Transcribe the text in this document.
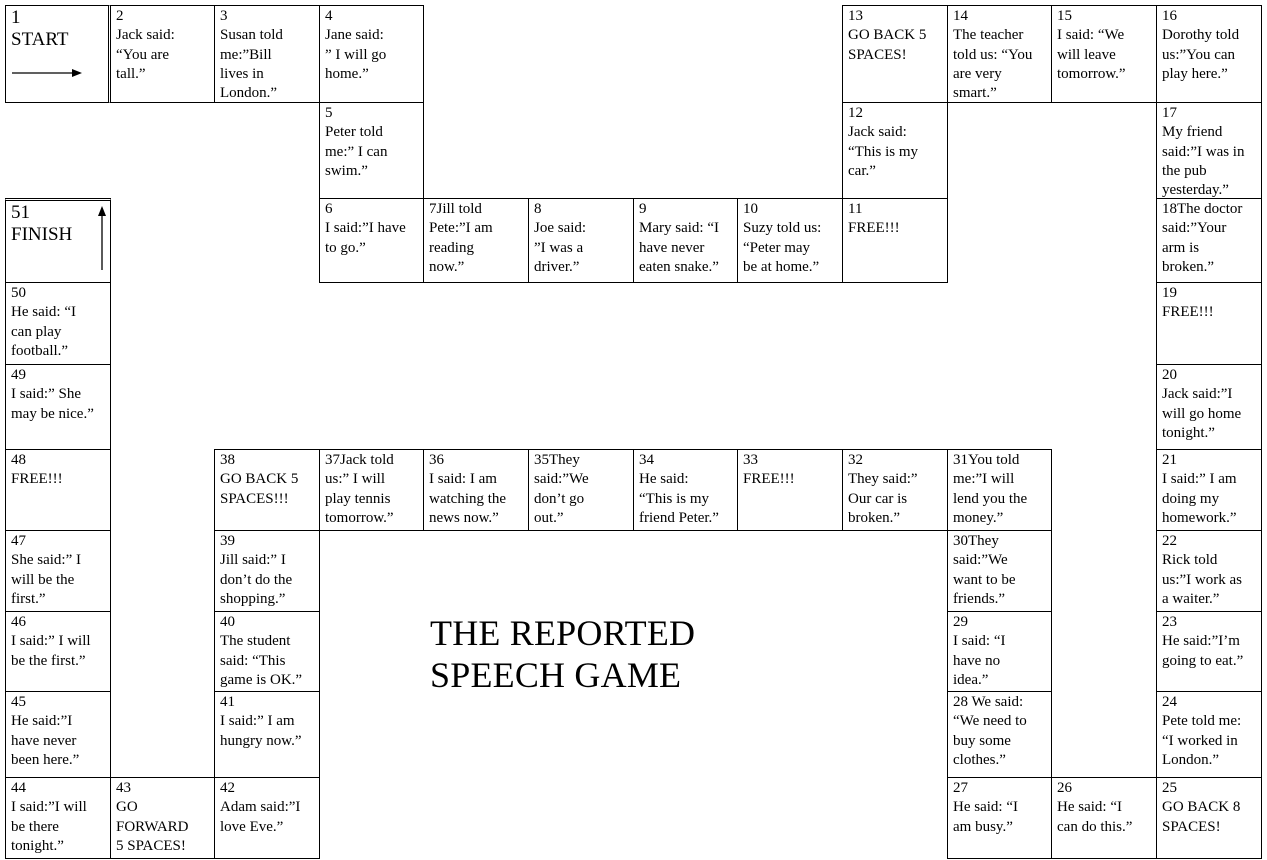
1
START
2
Jack said:
“You are
tall.”
3
Susan told
me:”Bill
lives in
London.”
4
Jane said:
” I will go
home.”
5
Peter told
me:” I can
swim.”
6
I said:”I have
to go.”
7Jill told
Pete:”I am
reading
now.”
8
Joe said:
”I was a
driver.”
9
Mary said: “I
have never
eaten snake.”
10
Suzy told us:
“Peter may
be at home.”
11
FREE!!!
12
Jack said:
“This is my
car.”
13
GO BACK 5
SPACES!
14
The teacher
told us: “You
are very
smart.”
15
I said: “We
will leave
tomorrow.”
16
Dorothy told
us:”You can
play here.”
17
My friend
said:”I was in
the pub
yesterday.”
18The doctor
said:”Your
arm is
broken.”
19
FREE!!!
20
Jack said:”I
will go home
tonight.”
21
I said:” I am
doing my
homework.”
22
Rick told
us:”I work as
a waiter.”
23
He said:”I’m
going to eat.”
24
Pete told me:
“I worked in
London.”
25
GO BACK 8
SPACES!
26
He said: “I
can do this.”
27
He said: “I
am busy.”
28 We said:
“We need to
buy some
clothes.”
29
I said: “I
have no
idea.”
30They
said:”We
want to be
friends.”
31You told
me:”I will
lend you the
money.”
32
They said:”
Our car is
broken.”
33
FREE!!!
34
He said:
“This is my
friend Peter.”
35They
said:”We
don’t go
out.”
36
I said: I am
watching the
news now.”
37Jack told
us:” I will
play tennis
tomorrow.”
38
GO BACK 5
SPACES!!!
39
Jill said:” I
don’t do the
shopping.”
40
The student
said: “This
game is OK.”
41
I said:” I am
hungry now.”
42
Adam said:”I
love Eve.”
43
GO
FORWARD
5 SPACES!
44
I said:”I will
be there
tonight.”
45
He said:”I
have never
been here.”
46
I said:” I will
be the first.”
47
She said:” I
will be the
first.”
48
FREE!!!
49
I said:” She
may be nice.”
50
He said: “I
can play
football.”
51
FINISH
THE REPORTED
SPEECH GAME
